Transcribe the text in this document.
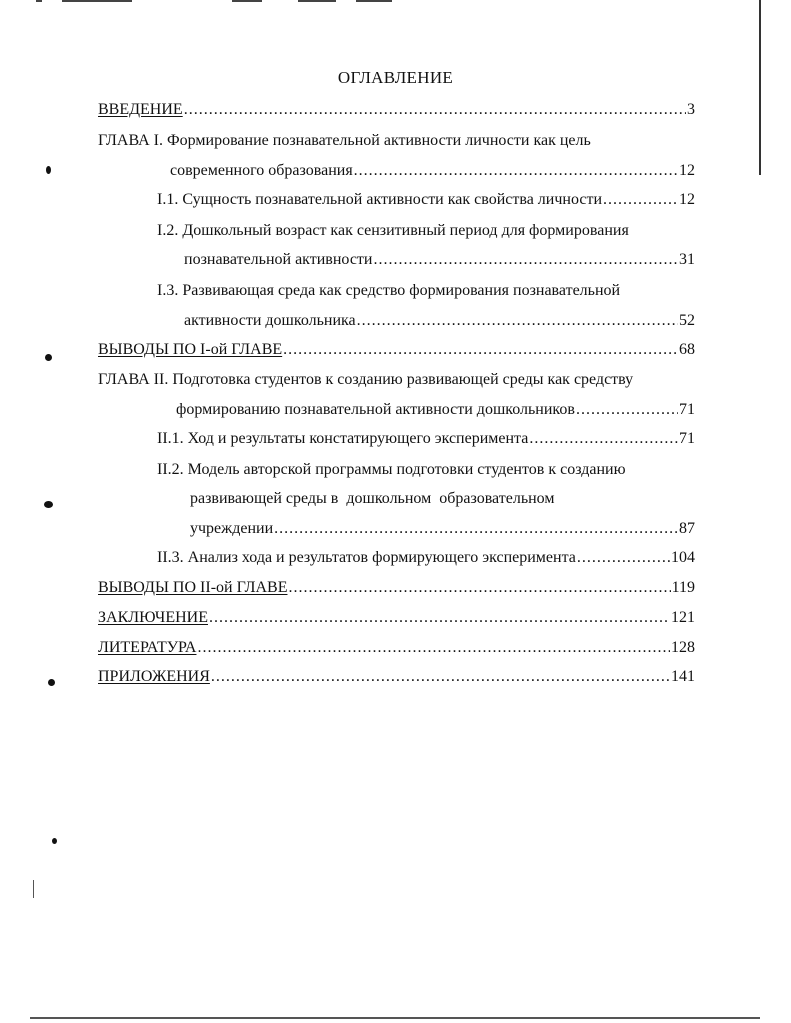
ОГЛАВЛЕНИЕ
ВВЕДЕНИЕ .....	3
ГЛАВА I. Формирование познавательной активности личности как цель
современного образования .....	12
I.1. Сущность познавательной активности как свойства личности .....	12
I.2. Дошкольный возраст как сензитивный период для формирования
познавательной активности .....	31
I.3. Развивающая среда как средство формирования познавательной
активности дошкольника .....	52
ВЫВОДЫ ПО I-ой ГЛАВЕ .....	68
ГЛАВА II. Подготовка студентов к созданию развивающей среды как средству
формированию познавательной активности дошкольников .....	71
II.1. Ход и результаты констатирующего эксперимента .....	71
II.2. Модель авторской программы подготовки студентов к созданию
развивающей среды в  дошкольном  образовательном
учреждении .....	87
II.3. Анализ хода и результатов формирующего эксперимента .....	104
ВЫВОДЫ ПО II-ой ГЛАВЕ .....	119
ЗАКЛЮЧЕНИЕ .....	121
ЛИТЕРАТУРА .....	128
ПРИЛОЖЕНИЯ .....	141
